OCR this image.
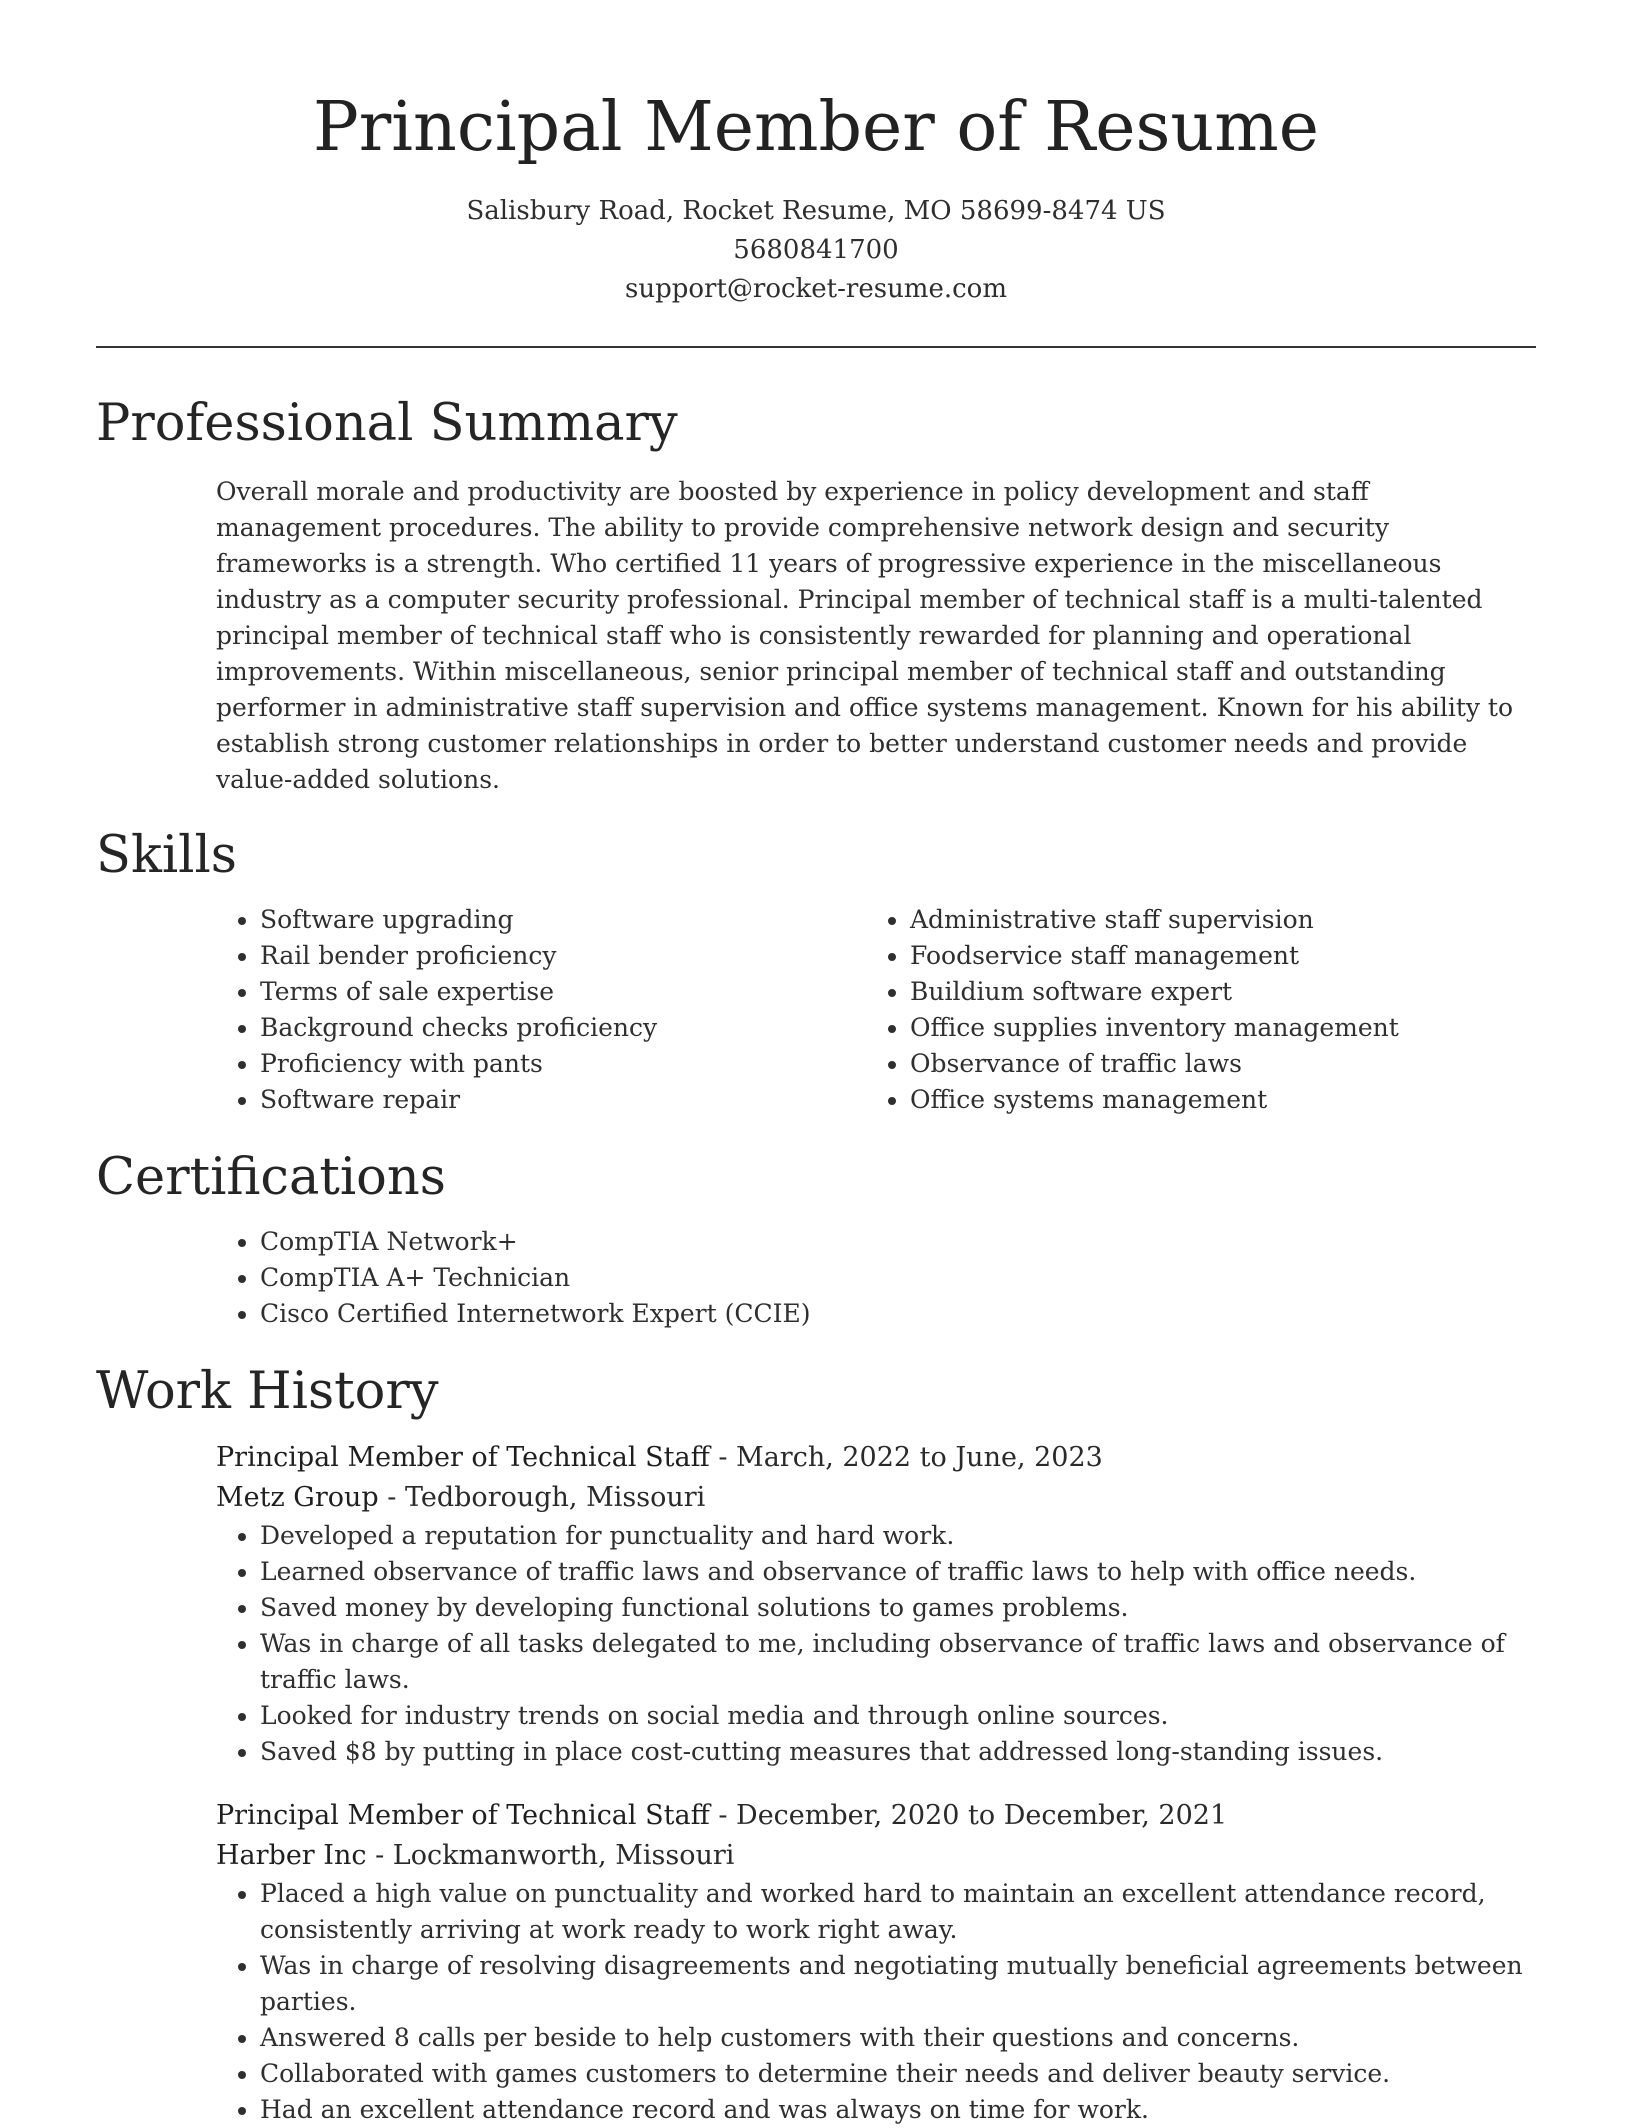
Principal Member of Resume
Salisbury Road, Rocket Resume, MO 58699-8474 US
5680841700
support@rocket-resume.com
Professional Summary

Overall morale and productivity are boosted by experience in policy development and staff management procedures. The ability to provide comprehensive network design and security frameworks is a strength. Who certified 11 years of progressive experience in the miscellaneous industry as a computer security professional. Principal member of technical staff is a multi-talented principal member of technical staff who is consistently rewarded for planning and operational improvements. Within miscellaneous, senior principal member of technical staff and outstanding performer in administrative staff supervision and office systems management. Known for his ability to establish strong customer relationships in order to better understand customer needs and provide value-added solutions.

Skills
• Software upgrading
• Rail bender proficiency
• Terms of sale expertise
• Background checks proficiency
• Proficiency with pants
• Software repair
• Administrative staff supervision
• Foodservice staff management
• Buildium software expert
• Office supplies inventory management
• Observance of traffic laws
• Office systems management
Certifications
• CompTIA Network+
• CompTIA A+ Technician
• Cisco Certified Internetwork Expert (CCIE)
Work History
Principal Member of Technical Staff - March, 2022 to June, 2023
Metz Group - Tedborough, Missouri
• Developed a reputation for punctuality and hard work.
• Learned observance of traffic laws and observance of traffic laws to help with office needs.
• Saved money by developing functional solutions to games problems.
• Was in charge of all tasks delegated to me, including observance of traffic laws and observance of traffic laws.
• Looked for industry trends on social media and through online sources.
• Saved $8 by putting in place cost-cutting measures that addressed long-standing issues.
Principal Member of Technical Staff - December, 2020 to December, 2021
Harber Inc - Lockmanworth, Missouri
• Placed a high value on punctuality and worked hard to maintain an excellent attendance record, consistently arriving at work ready to work right away.
• Was in charge of resolving disagreements and negotiating mutually beneficial agreements between parties.
• Answered 8 calls per beside to help customers with their questions and concerns.
• Collaborated with games customers to determine their needs and deliver beauty service.
• Had an excellent attendance record and was always on time for work.
